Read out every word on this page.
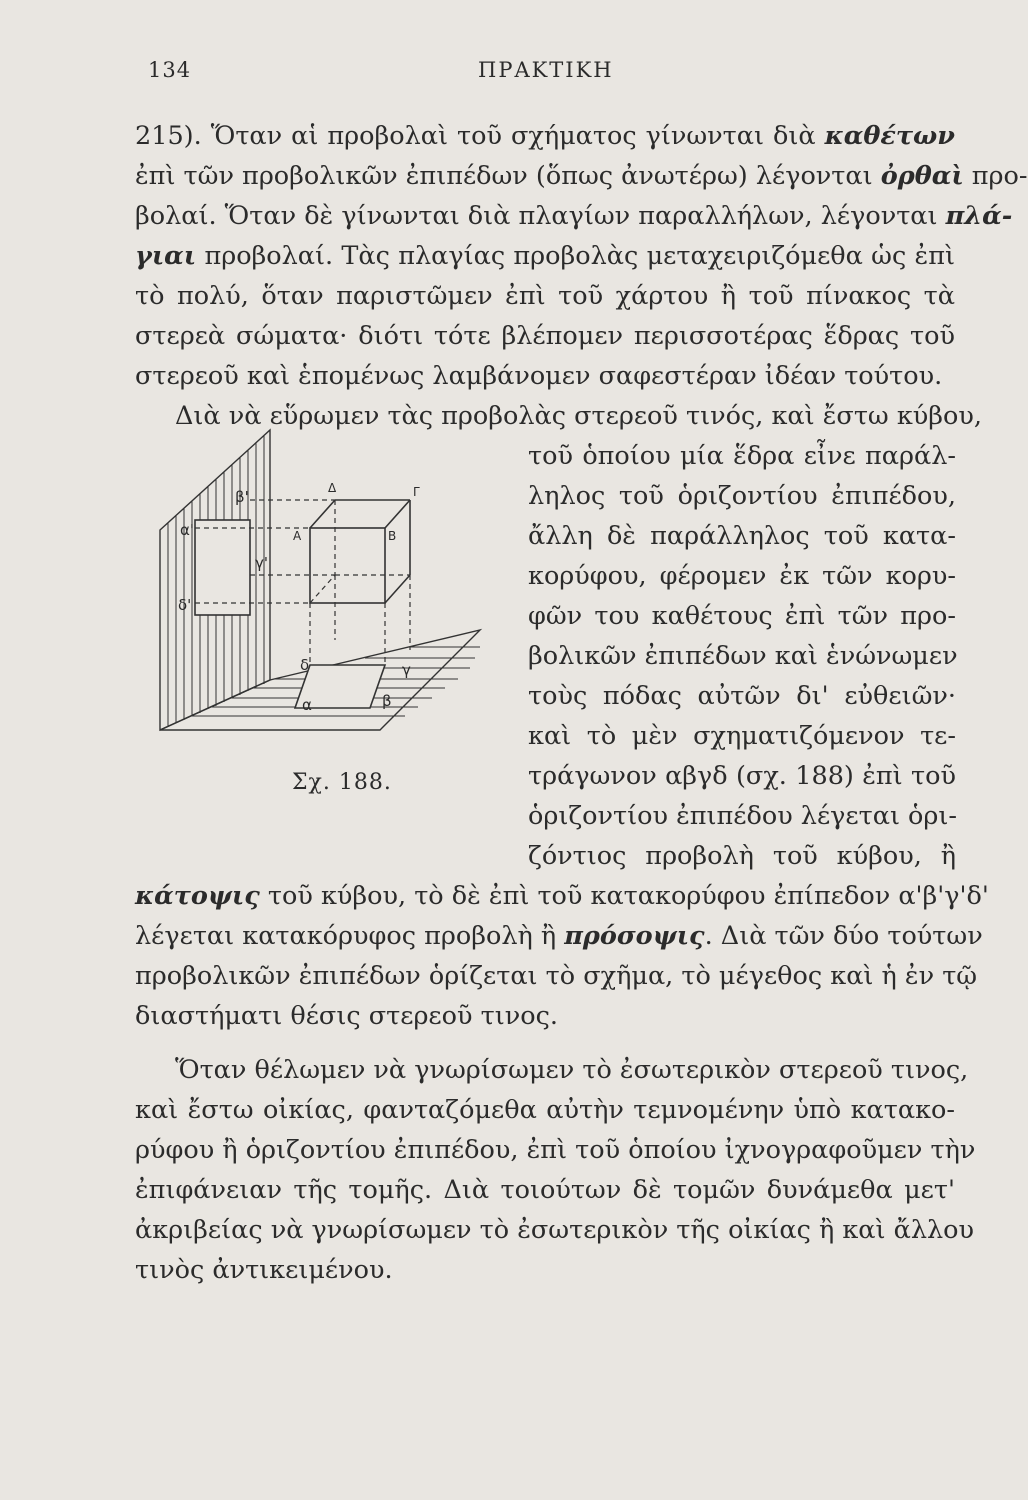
134	ΠΡΑΚΤΙΚΗ
215). Ὅταν αἱ προβολαὶ τοῦ σχήματος γίνωνται διὰ καθέτων
ἐπὶ τῶν προβολικῶν ἐπιπέδων (ὅπως ἀνωτέρω) λέγονται ὀρθαὶ προ-
βολαί. Ὅταν δὲ γίνωνται διὰ πλαγίων παραλλήλων, λέγονται πλά-
γιαι προβολαί. Τὰς πλαγίας προβολὰς μεταχειριζόμεθα ὡς ἐπὶ
τὸ πολύ, ὅταν παριστῶμεν ἐπὶ τοῦ χάρτου ἢ τοῦ πίνακος τὰ
στερεὰ σώματα· διότι τότε βλέπομεν περισσοτέρας ἕδρας τοῦ
στερεοῦ καὶ ἑπομένως λαμβάνομεν σαφεστέραν ἰδέαν τούτου.
Διὰ νὰ εὕρωμεν τὰς προβολὰς στερεοῦ τινός, καὶ ἔστω κύβου,
τοῦ ὁποίου μία ἕδρα εἶνε παράλ-
ληλος τοῦ ὁριζοντίου ἐπιπέδου,
ἄλλη δὲ παράλληλος τοῦ κατα-
κορύφου, φέρομεν ἐκ τῶν κορυ-
φῶν του καθέτους ἐπὶ τῶν προ-
βολικῶν ἐπιπέδων καὶ ἑνώνωμεν
τοὺς πόδας αὐτῶν δι' εὐθειῶν·
καὶ τὸ μὲν σχηματιζόμενον τε-
τράγωνον αβγδ (σχ. 188) ἐπὶ τοῦ
ὁριζοντίου ἐπιπέδου λέγεται ὁρι-
ζόντιος προβολὴ τοῦ κύβου, ἢ
κάτοψις τοῦ κύβου, τὸ δὲ ἐπὶ τοῦ κατακορύφου ἐπίπεδον α'β'γ'δ'
λέγεται κατακόρυφος προβολὴ ἢ πρόσοψις. Διὰ τῶν δύο τούτων
προβολικῶν ἐπιπέδων ὁρίζεται τὸ σχῆμα, τὸ μέγεθος καὶ ἡ ἐν τῷ
διαστήματι θέσις στερεοῦ τινος.
Ὅταν θέλωμεν νὰ γνωρίσωμεν τὸ ἐσωτερικὸν στερεοῦ τινος,
καὶ ἔστω οἰκίας, φανταζόμεθα αὐτὴν τεμνομένην ὑπὸ κατακο-
ρύφου ἢ ὁριζοντίου ἐπιπέδου, ἐπὶ τοῦ ὁποίου ἰχνογραφοῦμεν τὴν
ἐπιφάνειαν τῆς τομῆς. Διὰ τοιούτων δὲ τομῶν δυνάμεθα μετ'
ἀκριβείας νὰ γνωρίσωμεν τὸ ἐσωτερικὸν τῆς οἰκίας ἢ καὶ ἄλλου
τινὸς ἀντικειμένου.
β'
α'
γ'
δ'
Δ	Γ
Α	Β
δ	γ
α	β
Σχ. 188.
